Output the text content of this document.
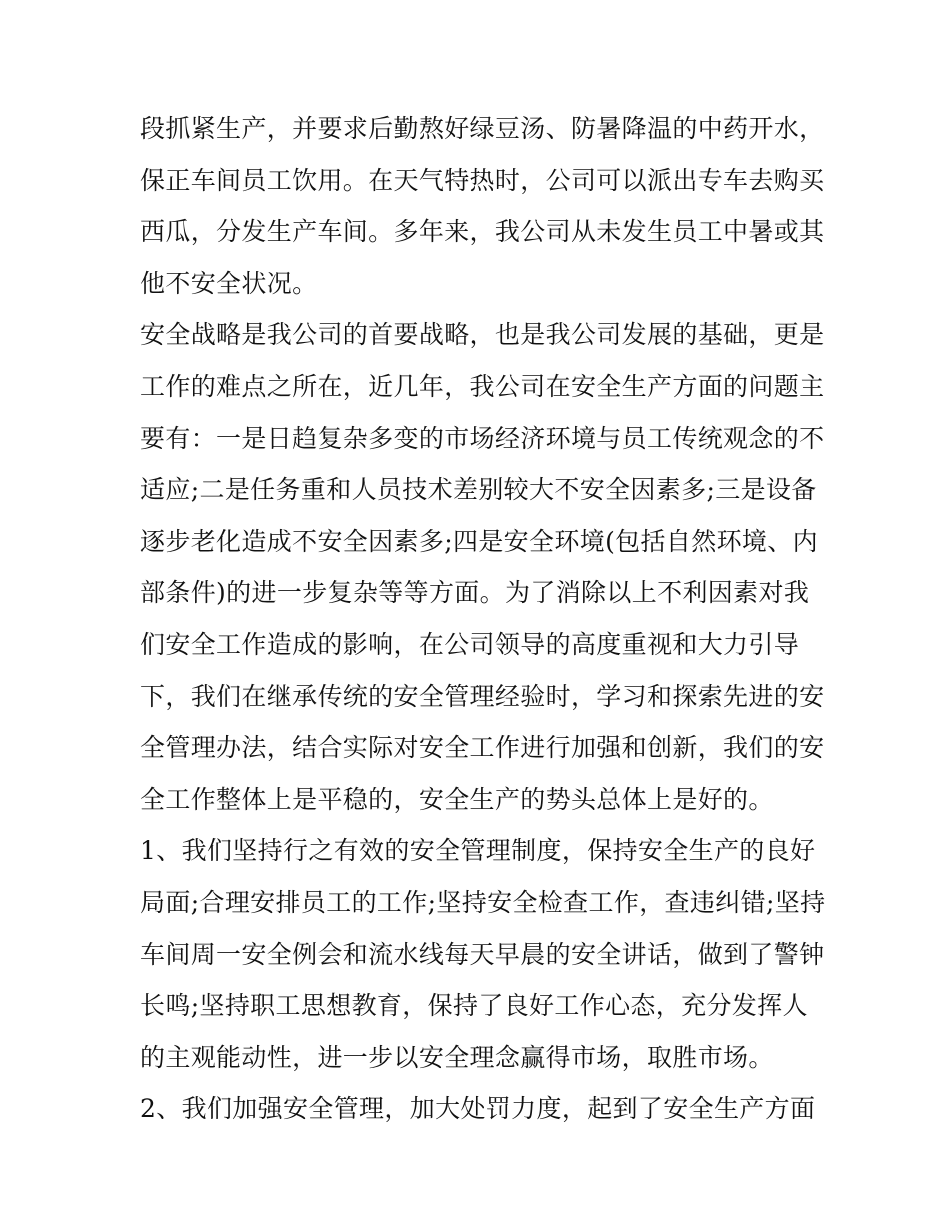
段抓紧生产，并要求后勤熬好绿豆汤、防暑降温的中药开水，
保正车间员工饮用。在天气特热时，公司可以派出专车去购买
西瓜，分发生产车间。多年来，我公司从未发生员工中暑或其
他不安全状况。
安全战略是我公司的首要战略，也是我公司发展的基础，更是
工作的难点之所在，近几年，我公司在安全生产方面的问题主
要有：一是日趋复杂多变的市场经济环境与员工传统观念的不
适应;二是任务重和人员技术差别较大不安全因素多;三是设备
逐步老化造成不安全因素多;四是安全环境(包括自然环境、内
部条件)的进一步复杂等等方面。为了消除以上不利因素对我
们安全工作造成的影响，在公司领导的高度重视和大力引导
下，我们在继承传统的安全管理经验时，学习和探索先进的安
全管理办法，结合实际对安全工作进行加强和创新，我们的安
全工作整体上是平稳的，安全生产的势头总体上是好的。
1、我们坚持行之有效的安全管理制度，保持安全生产的良好
局面;合理安排员工的工作;坚持安全检查工作，查违纠错;坚持
车间周一安全例会和流水线每天早晨的安全讲话，做到了警钟
长鸣;坚持职工思想教育，保持了良好工作心态，充分发挥人
的主观能动性，进一步以安全理念赢得市场，取胜市场。
2、我们加强安全管理，加大处罚力度，起到了安全生产方面
